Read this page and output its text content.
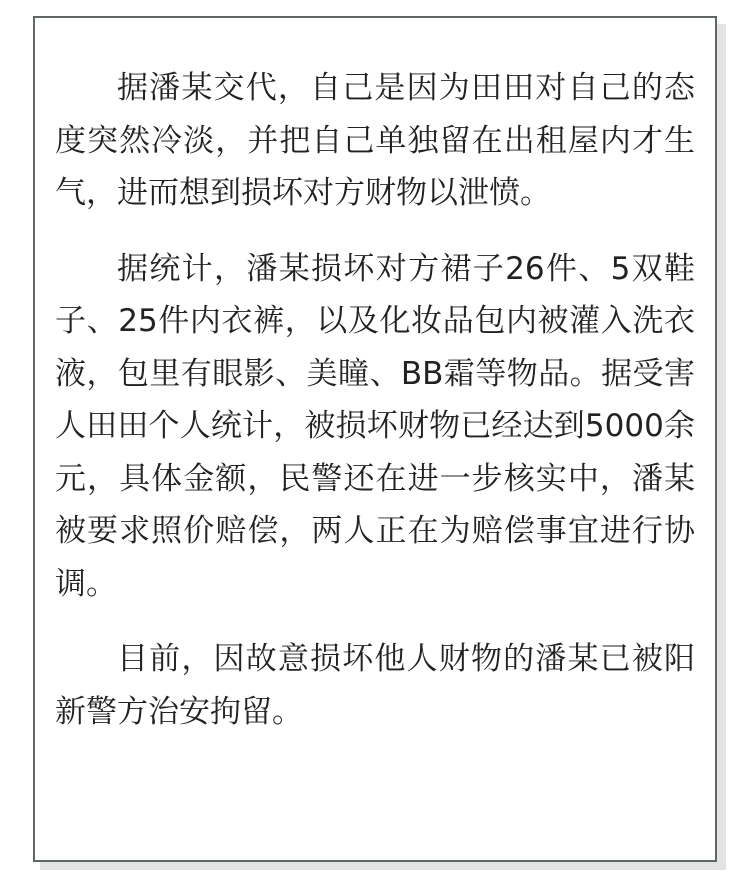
据潘某交代，自己是因为田田对自己的态度突然冷淡，并把自己单独留在出租屋内才生气，进而想到损坏对方财物以泄愤。

据统计，潘某损坏对方裙子26件、5双鞋子、25件内衣裤，以及化妆品包内被灌入洗衣液，包里有眼影、美瞳、BB霜等物品。据受害人田田个人统计，被损坏财物已经达到5000余元，具体金额，民警还在进一步核实中，潘某被要求照价赔偿，两人正在为赔偿事宜进行协调。

目前，因故意损坏他人财物的潘某已被阳新警方治安拘留。
